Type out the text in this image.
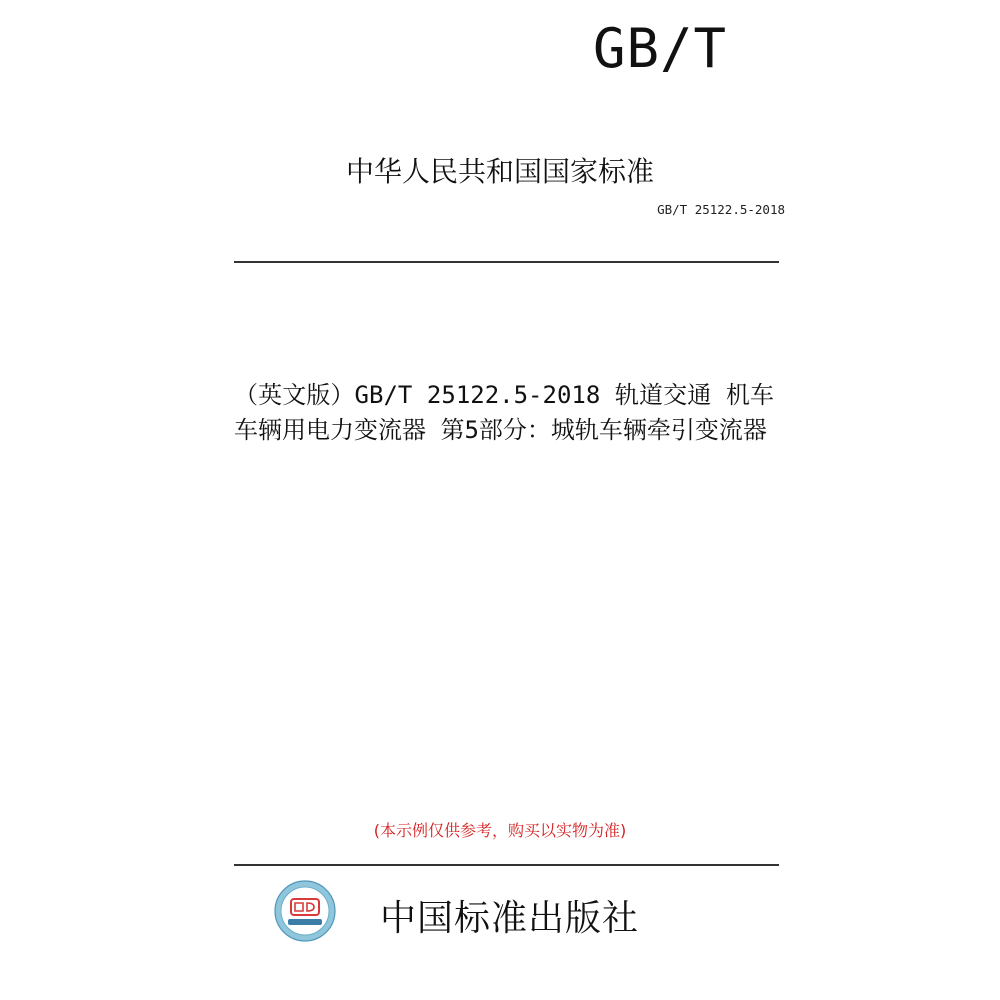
GB/T
中华人民共和国国家标准
GB/T 25122.5-2018
（英文版）GB/T 25122.5-2018 轨道交通 机车车辆用电力变流器 第5部分：城轨车辆牵引变流器
(本示例仅供参考，购买以实物为准)
中国标准出版社
